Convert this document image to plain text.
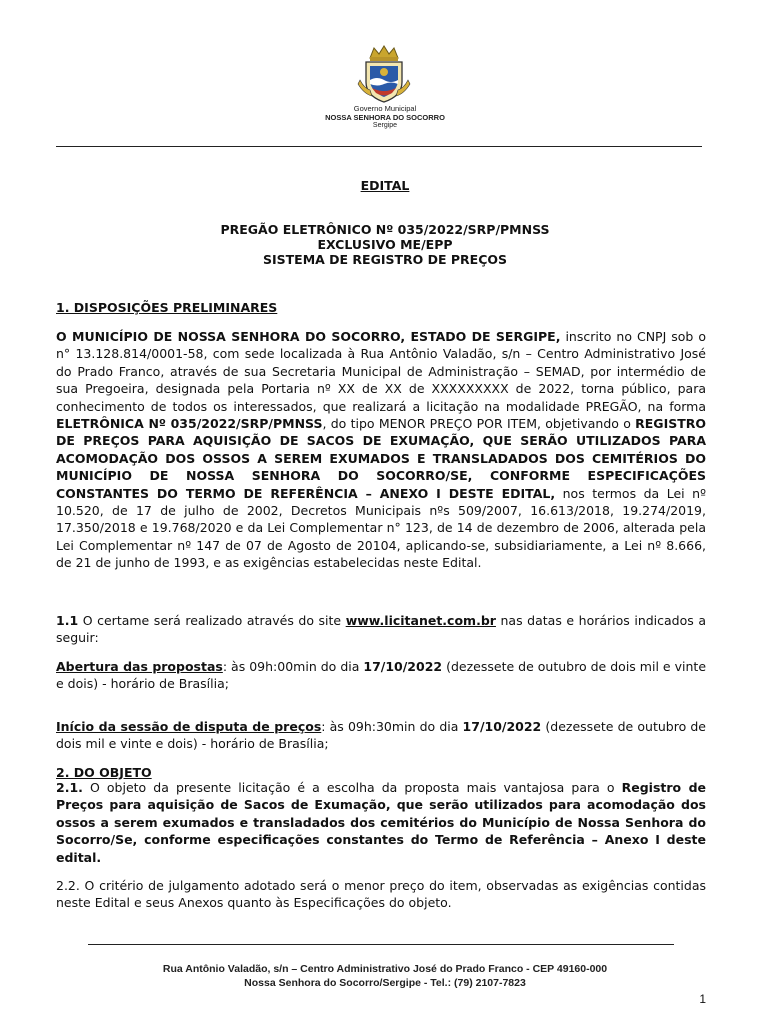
Governo Municipal
NOSSA SENHORA DO SOCORRO
Sergipe
EDITAL
PREGÃO ELETRÔNICO Nº 035/2022/SRP/PMNSS
EXCLUSIVO ME/EPP
SISTEMA DE REGISTRO DE PREÇOS
1. DISPOSIÇÕES PRELIMINARES
O MUNICÍPIO DE NOSSA SENHORA DO SOCORRO, ESTADO DE SERGIPE, inscrito no CNPJ sob o n° 13.128.814/0001-58, com sede localizada à Rua Antônio Valadão, s/n – Centro Administrativo José do Prado Franco, através de sua Secretaria Municipal de Administração – SEMAD, por intermédio de sua Pregoeira, designada pela Portaria nº XX de XX de XXXXXXXXX de 2022, torna público, para conhecimento de todos os interessados, que realizará a licitação na modalidade PREGÃO, na forma ELETRÔNICA Nº 035/2022/SRP/PMNSS, do tipo MENOR PREÇO POR ITEM, objetivando o REGISTRO DE PREÇOS PARA AQUISIÇÃO DE SACOS DE EXUMAÇÃO, QUE SERÃO UTILIZADOS PARA ACOMODAÇÃO DOS OSSOS A SEREM EXUMADOS E TRANSLADADOS DOS CEMITÉRIOS DO MUNICÍPIO DE NOSSA SENHORA DO SOCORRO/SE, CONFORME ESPECIFICAÇÕES CONSTANTES DO TERMO DE REFERÊNCIA – ANEXO I DESTE EDITAL, nos termos da Lei nº 10.520, de 17 de julho de 2002, Decretos Municipais nºs 509/2007, 16.613/2018, 19.274/2019, 17.350/2018 e 19.768/2020 e da Lei Complementar n° 123, de 14 de dezembro de 2006, alterada pela Lei Complementar nº 147 de 07 de Agosto de 20104, aplicando-se, subsidiariamente, a Lei nº 8.666, de 21 de junho de 1993, e as exigências estabelecidas neste Edital.
1.1 O certame será realizado através do site www.licitanet.com.br nas datas e horários indicados a seguir:
Abertura das propostas: às 09h:00min do dia 17/10/2022 (dezessete de outubro de dois mil e vinte e dois) - horário de Brasília;
Início da sessão de disputa de preços: às 09h:30min do dia 17/10/2022 (dezessete de outubro de dois mil e vinte e dois) - horário de Brasília;
2. DO OBJETO
2.1. O objeto da presente licitação é a escolha da proposta mais vantajosa para o Registro de Preços para aquisição de Sacos de Exumação, que serão utilizados para acomodação dos ossos a serem exumados e transladados dos cemitérios do Município de Nossa Senhora do Socorro/Se, conforme especificações constantes do Termo de Referência – Anexo I deste edital.
2.2. O critério de julgamento adotado será o menor preço do item, observadas as exigências contidas neste Edital e seus Anexos quanto às Especificações do objeto.
Rua Antônio Valadão, s/n – Centro Administrativo José do Prado Franco - CEP 49160-000
Nossa Senhora do Socorro/Sergipe - Tel.: (79) 2107-7823
1
